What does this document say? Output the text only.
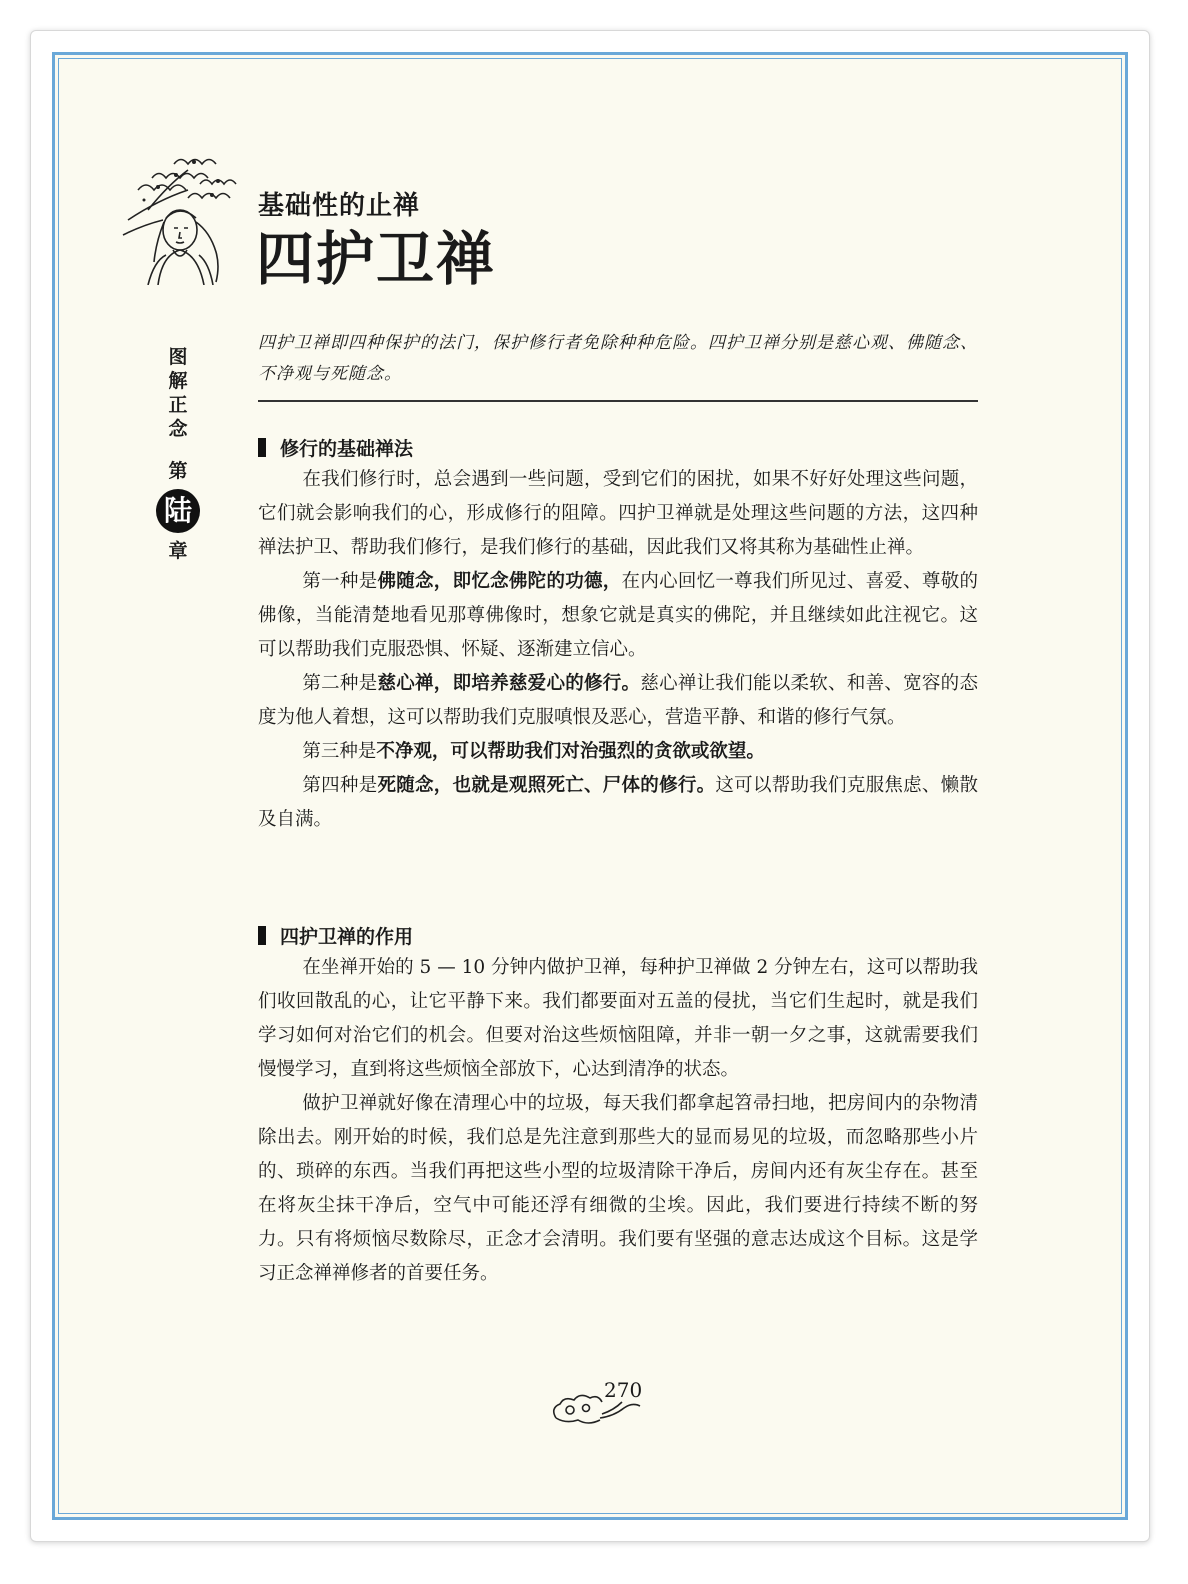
基础性的止禅
四护卫禅
图
解
正
念
第
陆
章
四护卫禅即四种保护的法门，保护修行者免除种种危险。四护卫禅分别是慈心观、佛随念、不净观与死随念。
修行的基础禅法

在我们修行时，总会遇到一些问题，受到它们的困扰，如果不好好处理这些问题，它们就会影响我们的心，形成修行的阻障。四护卫禅就是处理这些问题的方法，这四种禅法护卫、帮助我们修行，是我们修行的基础，因此我们又将其称为基础性止禅。

第一种是佛随念，即忆念佛陀的功德，在内心回忆一尊我们所见过、喜爱、尊敬的佛像，当能清楚地看见那尊佛像时，想象它就是真实的佛陀，并且继续如此注视它。这可以帮助我们克服恐惧、怀疑、逐渐建立信心。

第二种是慈心禅，即培养慈爱心的修行。慈心禅让我们能以柔软、和善、宽容的态度为他人着想，这可以帮助我们克服嗔恨及恶心，营造平静、和谐的修行气氛。

第三种是不净观，可以帮助我们对治强烈的贪欲或欲望。

第四种是死随念，也就是观照死亡、尸体的修行。这可以帮助我们克服焦虑、懒散及自满。

四护卫禅的作用

在坐禅开始的 5 — 10 分钟内做护卫禅，每种护卫禅做 2 分钟左右，这可以帮助我们收回散乱的心，让它平静下来。我们都要面对五盖的侵扰，当它们生起时，就是我们学习如何对治它们的机会。但要对治这些烦恼阻障，并非一朝一夕之事，这就需要我们慢慢学习，直到将这些烦恼全部放下，心达到清净的状态。

做护卫禅就好像在清理心中的垃圾，每天我们都拿起笤帚扫地，把房间内的杂物清除出去。刚开始的时候，我们总是先注意到那些大的显而易见的垃圾，而忽略那些小片的、琐碎的东西。当我们再把这些小型的垃圾清除干净后，房间内还有灰尘存在。甚至在将灰尘抹干净后，空气中可能还浮有细微的尘埃。因此，我们要进行持续不断的努力。只有将烦恼尽数除尽，正念才会清明。我们要有坚强的意志达成这个目标。这是学习正念禅禅修者的首要任务。

270
